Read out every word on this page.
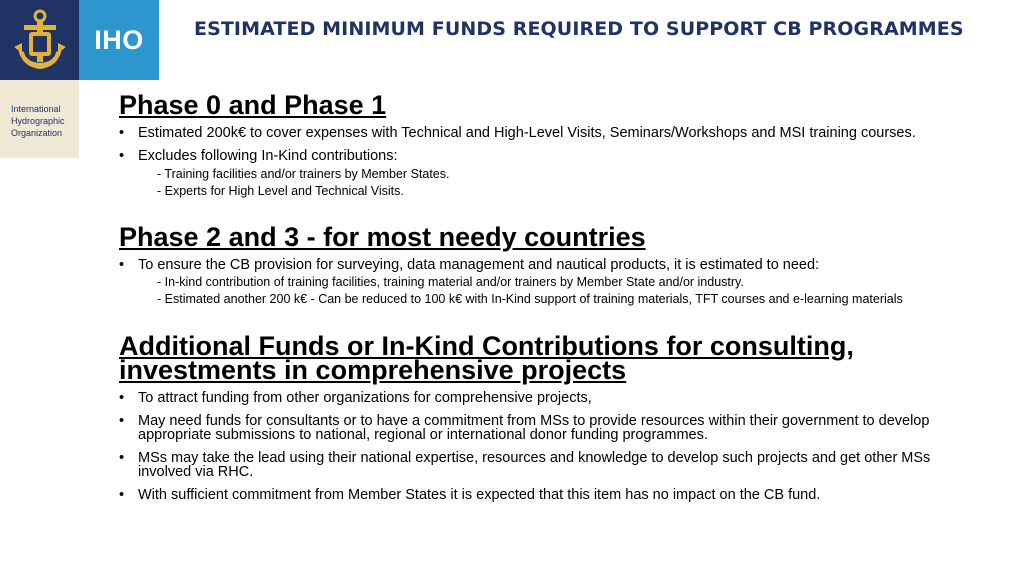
IHO
International
Hydrographic
Organization
ESTIMATED MINIMUM FUNDS REQUIRED TO SUPPORT CB PROGRAMMES
Phase 0 and Phase 1
• Estimated 200k€ to cover expenses with Technical and High-Level Visits, Seminars/Workshops and MSI training courses.
• Excludes following In-Kind contributions:
- Training facilities and/or trainers by Member States.
- Experts for High Level and Technical Visits.
Phase 2 and 3 - for most needy countries
• To ensure the CB provision for surveying, data management and nautical products, it is estimated to need:
- In-kind contribution of training facilities, training material and/or trainers by Member State and/or industry.
- Estimated another 200 k€ - Can be reduced to 100 k€ with In-Kind support of training materials, TFT courses and e-learning materials
Additional Funds or In-Kind Contributions for consulting, investments in comprehensive projects
• To attract funding from other organizations for comprehensive projects,
• May need funds for consultants or to have a commitment from MSs to provide resources within their government to develop appropriate submissions to national, regional or international donor funding programmes.
• MSs may take the lead using their national expertise, resources and knowledge to develop such projects and get other MSs involved via RHC.
• With sufficient commitment from Member States it is expected that this item has no impact on the CB fund.
